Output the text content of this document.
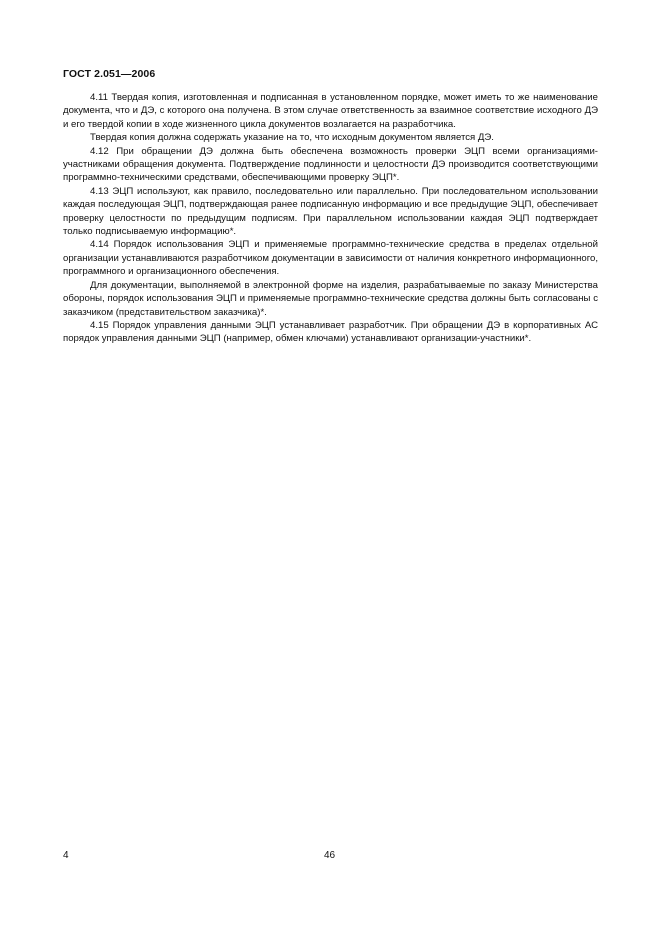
ГОСТ 2.051—2006

4.11 Твердая копия, изготовленная и подписанная в установленном порядке, может иметь то же наименование документа, что и ДЭ, с которого она получена. В этом случае ответственность за взаимное соответствие исходного ДЭ и его твердой копии в ходе жизненного цикла документов возлагается на разработчика.

Твердая копия должна содержать указание на то, что исходным документом является ДЭ.

4.12 При обращении ДЭ должна быть обеспечена возможность проверки ЭЦП всеми организациями-участниками обращения документа. Подтверждение подлинности и целостности ДЭ производится соответствующими программно-техническими средствами, обеспечивающими проверку ЭЦП*.

4.13 ЭЦП используют, как правило, последовательно или параллельно. При последовательном использовании каждая последующая ЭЦП, подтверждающая ранее подписанную информацию и все предыдущие ЭЦП, обеспечивает проверку целостности по предыдущим подписям. При параллельном использовании каждая ЭЦП подтверждает только подписываемую информацию*.

4.14 Порядок использования ЭЦП и применяемые программно-технические средства в пределах отдельной организации устанавливаются разработчиком документации в зависимости от наличия конкретного информационного, программного и организационного обеспечения.

Для документации, выполняемой в электронной форме на изделия, разрабатываемые по заказу Министерства обороны, порядок использования ЭЦП и применяемые программно-технические средства должны быть согласованы с заказчиком (представительством заказчика)*.

4.15 Порядок управления данными ЭЦП устанавливает разработчик. При обращении ДЭ в корпоративных АС порядок управления данными ЭЦП (например, обмен ключами) устанавливают организации-участники*.

4	46
